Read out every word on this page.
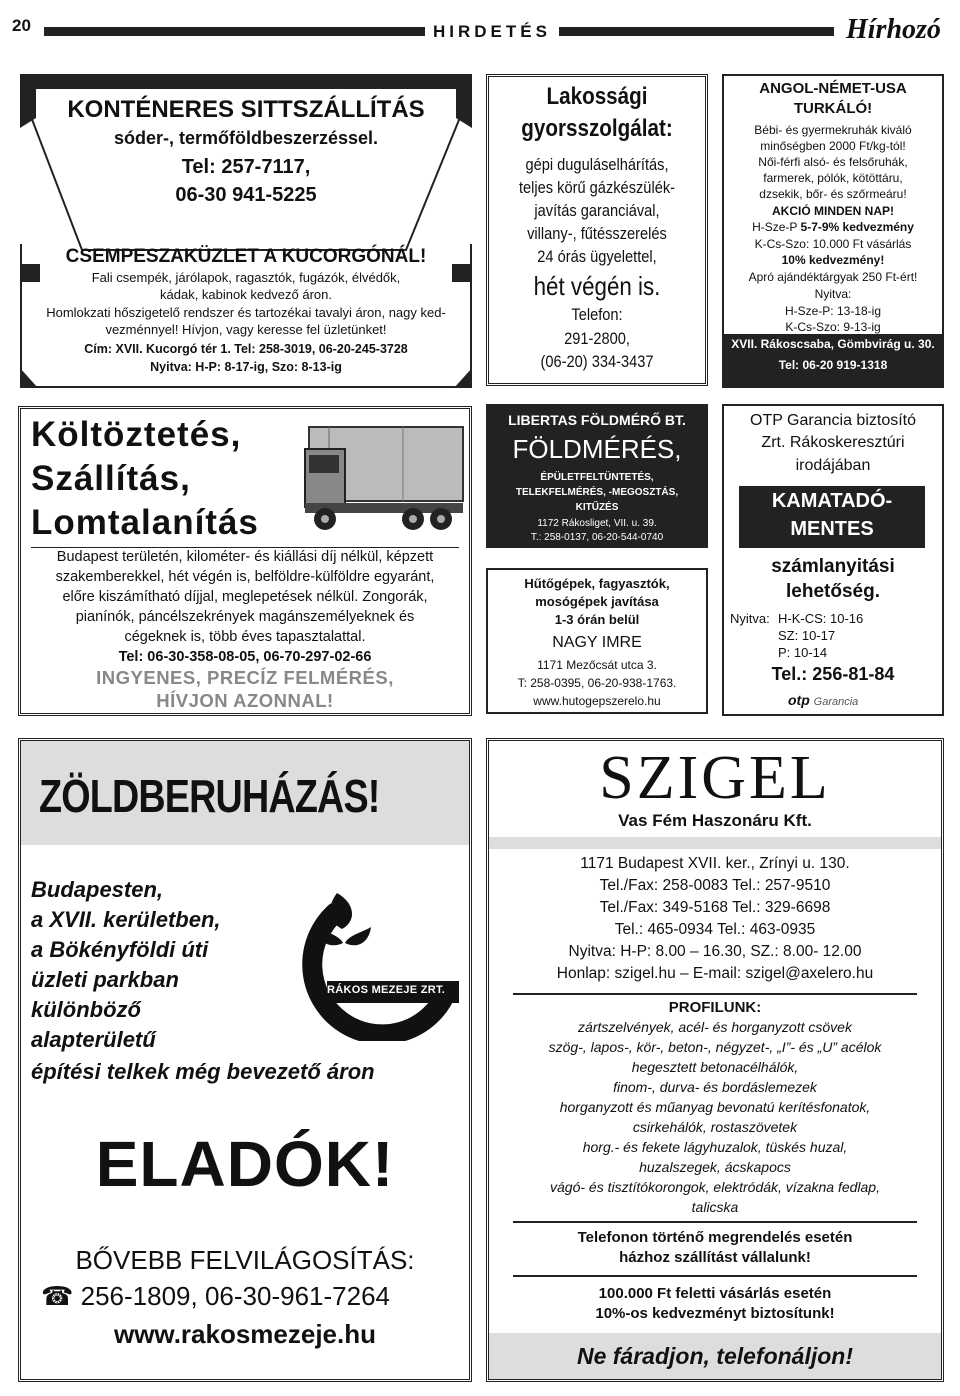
20	HIRDETÉS	Hírhozó
KONTÉNERES SITTSZÁLLÍTÁS
sóder-, termőföldbeszerzéssel.
Tel: 257-7117,
06-30 941-5225
CSEMPESZAKÜZLET A KUCORGÓNÁL!
Fali csempék, járólapok, ragasztók, fugázók, élvédők,
kádak, kabinok kedvező áron.
Homlokzati hőszigetelő rendszer és tartozékai tavalyi áron, nagy ked-
vezménnyel! Hívjon, vagy keresse fel üzletünket!
Cím: XVII. Kucorgó tér 1. Tel: 258-3019, 06-20-245-3728
Nyitva: H-P: 8-17-ig, Szo: 8-13-ig
Lakossági
gyorsszolgálat:
gépi duguláselhárítás,
teljes körű gázkészülék-
javítás garanciával,
villany-, fűtésszerelés
24 órás ügyelettel,
hét végén is.
Telefon:
291-2800,
(06-20) 334-3437
ANGOL-NÉMET-USA
TURKÁLÓ!
Bébi- és gyermekruhák kiváló
minőségben 2000 Ft/kg-tól!
Női-férfi alsó- és felsőruhák,
farmerek, pólók, kötöttáru,
dzsekik, bőr- és szőrmeáru!
AKCIÓ MINDEN NAP!
H-Sze-P 5-7-9% kedvezmény
K-Cs-Szo: 10.000 Ft vásárlás
10% kedvezmény!
Apró ajándéktárgyak 250 Ft-ért!
Nyitva:
H-Sze-P: 13-18-ig
K-Cs-Szo: 9-13-ig
XVII. Rákoscsaba, Gömbvirág u. 30.
Tel: 06-20 919-1318
Költöztetés,
Szállítás,
Lomtalanítás
Budapest területén, kilométer- és kiállási díj nélkül, képzett
szakemberekkel, hét végén is, belföldre-külföldre egyaránt,
előre kiszámítható díjjal, meglepetések nélkül. Zongorák,
pianínók, páncélszekrények magánszemélyeknek és
cégeknek is, több éves tapasztalattal.
Tel: 06-30-358-08-05, 06-70-297-02-66
INGYENES, PRECÍZ FELMÉRÉS,
HÍVJON AZONNAL!
LIBERTAS FÖLDMÉRŐ BT.
FÖLDMÉRÉS,
ÉPÜLETFELTÜNTETÉS,
TELEKFELMÉRÉS, -MEGOSZTÁS,
KITŰZÉS
1172 Rákosliget, VII. u. 39.
T.: 258-0137, 06-20-544-0740
Hűtőgépek, fagyasztók,
mosógépek javítása
1-3 órán belül
NAGY IMRE
1171 Mezőcsát utca 3.
T: 258-0395, 06-20-938-1763.
www.hutogepszerelo.hu
OTP Garancia biztosító
Zrt. Rákoskeresztúri
irodájában
KAMATADÓ-
MENTES
számlanyitási
lehetőség.
Nyitva: H-K-CS: 10-16
SZ: 10-17
P: 10-14
Tel.: 256-81-84
otp Garancia
ZÖLDBERUHÁZÁS!
Budapesten,
a XVII. kerületben,
a Bökényföldi úti
üzleti parkban
különböző
alapterületű
építési telkek még bevezető áron
RÁKOS MEZEJE ZRT.
ELADÓK!
BŐVEBB FELVILÁGOSÍTÁS:
☎ 256-1809, 06-30-961-7264
www.rakosmezeje.hu
SZIGEL
Vas Fém Haszonáru Kft.
1171 Budapest XVII. ker., Zrínyi u. 130.
Tel./Fax: 258-0083 Tel.: 257-9510
Tel./Fax: 349-5168 Tel.: 329-6698
Tel.: 465-0934 Tel.: 463-0935
Nyitva: H-P: 8.00 – 16.30, SZ.: 8.00- 12.00
Honlap: szigel.hu – E-mail: szigel@axelero.hu
PROFILUNK:
zártszelvények, acél- és horganyzott csövek
szög-, lapos-, kör-, beton-, négyzet-, „I”- és „U” acélok
hegesztett betonacélhálók,
finom-, durva- és bordáslemezek
horganyzott és műanyag bevonatú kerítésfonatok,
csirkehálók, rostaszövetek
horg.- és fekete lágyhuzalok, tüskés huzal,
huzalszegek, ácskapocs
vágó- és tisztítókorongok, elektródák, vízakna fedlap,
talicska
Telefonon történő megrendelés esetén
házhoz szállítást vállalunk!
100.000 Ft feletti vásárlás esetén
10%-os kedvezményt biztosítunk!
Ne fáradjon, telefonáljon!
